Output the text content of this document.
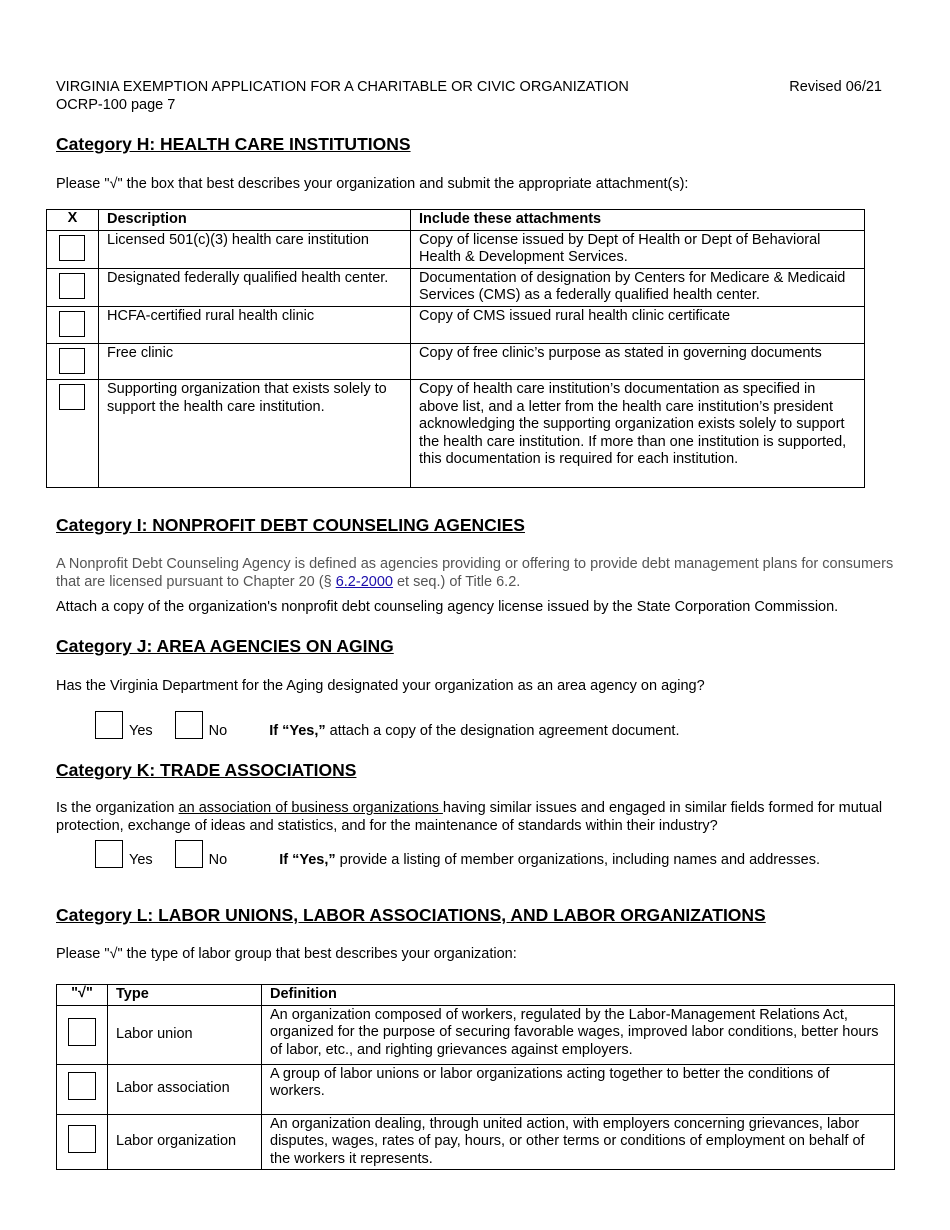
VIRGINIA EXEMPTION APPLICATION FOR A CHARITABLE OR CIVIC ORGANIZATION	Revised 06/21
OCRP-100 page 7
Category H: HEALTH CARE INSTITUTIONS
Please "√" the box that best describes your organization and submit the appropriate attachment(s):
X	Description	Include these attachments
	Licensed 501(c)(3) health care institution	Copy of license issued by Dept of Health or Dept of Behavioral Health & Development Services.
	Designated federally qualified health center.	Documentation of designation by Centers for Medicare & Medicaid Services (CMS) as a federally qualified health center.
	HCFA-certified rural health clinic	Copy of CMS issued rural health clinic certificate
	Free clinic	Copy of free clinic’s purpose as stated in governing documents
	Supporting organization that exists solely to support the health care institution.	Copy of health care institution’s documentation as specified in above list, and a letter from the health care institution’s president acknowledging the supporting organization exists solely to support the health care institution. If more than one institution is supported, this documentation is required for each institution.
Category I: NONPROFIT DEBT COUNSELING AGENCIES
A Nonprofit Debt Counseling Agency is defined as agencies providing or offering to provide debt management plans for consumers that are licensed pursuant to Chapter 20 (§ 6.2-2000 et seq.) of Title 6.2.
Attach a copy of the organization's nonprofit debt counseling agency license issued by the State Corporation Commission.
Category J: AREA AGENCIES ON AGING
Has the Virginia Department for the Aging designated your organization as an area agency on aging?
Yes	No	If “Yes,” attach a copy of the designation agreement document.
Category K: TRADE ASSOCIATIONS
Is the organization an association of business organizations having similar issues and engaged in similar fields formed for mutual protection, exchange of ideas and statistics, and for the maintenance of standards within their industry?
Yes	No	If “Yes,” provide a listing of member organizations, including names and addresses.
Category L: LABOR UNIONS, LABOR ASSOCIATIONS, AND LABOR ORGANIZATIONS
Please "√" the type of labor group that best describes your organization:
"√"	Type	Definition
	Labor union	An organization composed of workers, regulated by the Labor-Management Relations Act, organized for the purpose of securing favorable wages, improved labor conditions, better hours of labor, etc., and righting grievances against employers.
	Labor association	A group of labor unions or labor organizations acting together to better the conditions of workers.
	Labor organization	An organization dealing, through united action, with employers concerning grievances, labor disputes, wages, rates of pay, hours, or other terms or conditions of employment on behalf of the workers it represents.
